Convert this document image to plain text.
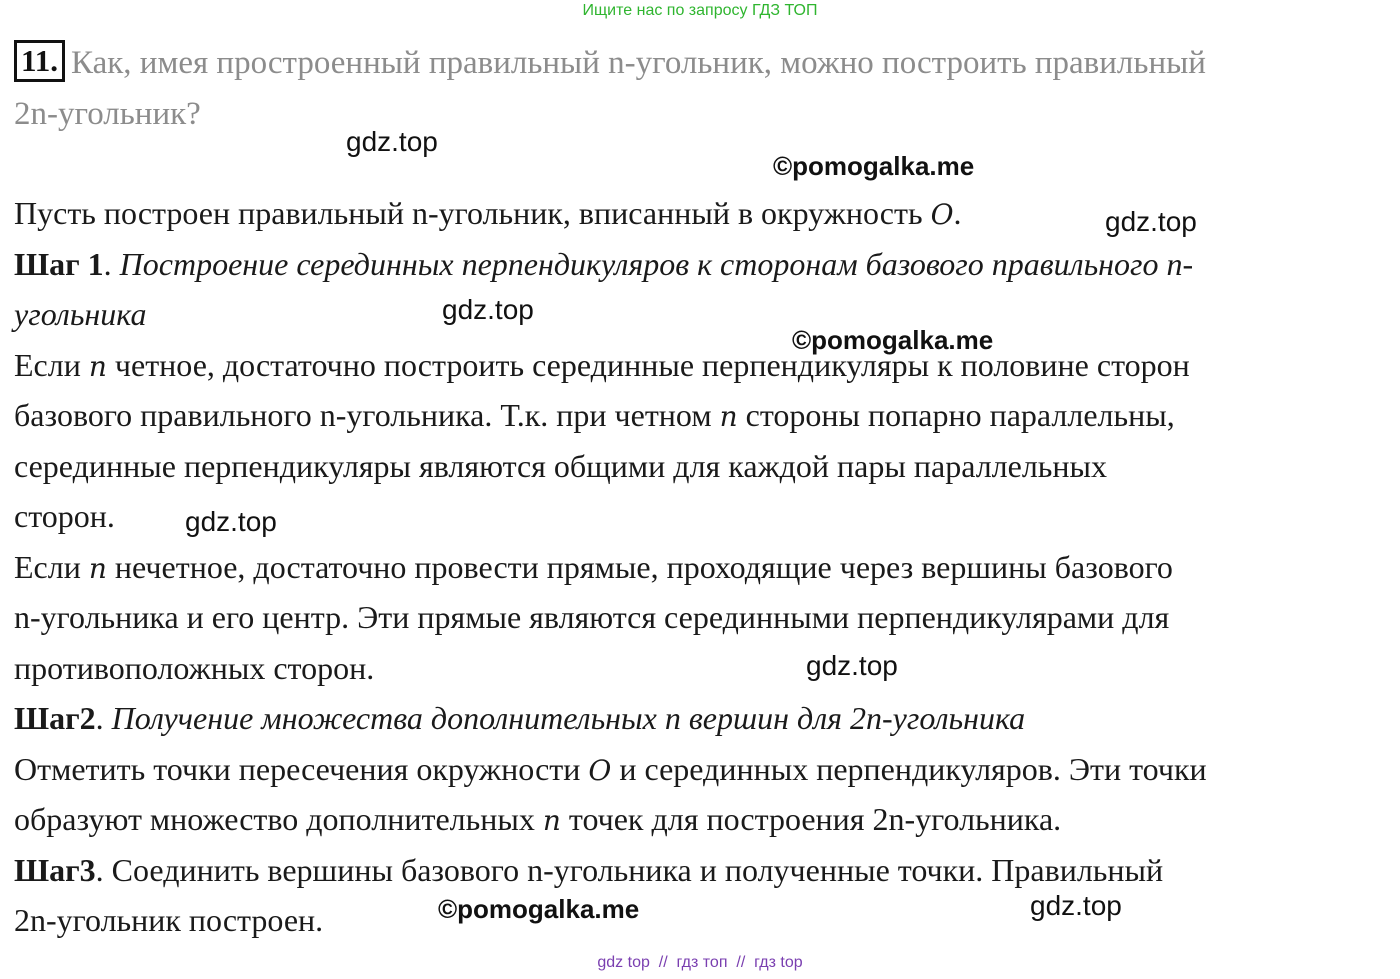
Ищите нас по запросу ГДЗ ТОП
11. Как, имея простроенный правильный n-угольник, можно построить правильный
2n-угольник?
Пусть построен правильный n-угольник, вписанный в окружность O.
Шаг 1. Построение серединных перпендикуляров к сторонам базового правильного n-
угольника
Если n четное, достаточно построить серединные перпендикуляры к половине сторон
базового правильного n-угольника. Т.к. при четном n стороны попарно параллельны,
серединные перпендикуляры являются общими для каждой пары параллельных
сторон.
Если n нечетное, достаточно провести прямые, проходящие через вершины базового
n-угольника и его центр. Эти прямые являются серединными перпендикулярами для
противоположных сторон.
Шаг2. Получение множества дополнительных n вершин для 2n-угольника
Отметить точки пересечения окружности O и серединных перпендикуляров. Эти точки
образуют множество дополнительных n точек для построения 2n-угольника.
Шаг3. Соединить вершины базового n-угольника и полученные точки. Правильный
2n-угольник построен.
gdz.top
©pomogalka.me
gdz.top
gdz.top
©pomogalka.me
gdz.top
gdz.top
©pomogalka.me	gdz.top
gdz top  //  гдз топ  //  гдз top
